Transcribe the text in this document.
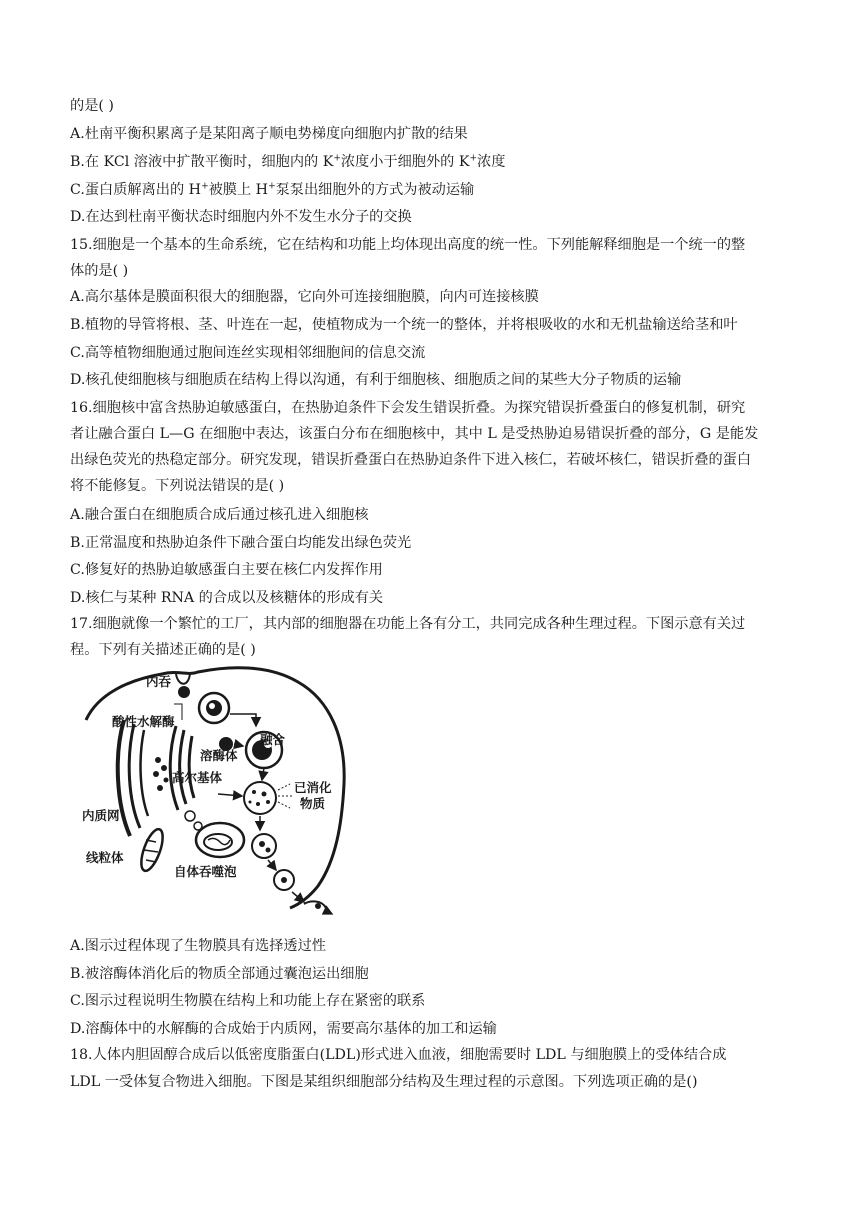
的是( )
A.杜南平衡积累离子是某阳离子顺电势梯度向细胞内扩散的结果
B.在 KCl 溶液中扩散平衡时，细胞内的 K+浓度小于细胞外的 K+浓度
C.蛋白质解离出的 H+被膜上 H+泵泵出细胞外的方式为被动运输
D.在达到杜南平衡状态时细胞内外不发生水分子的交换
15.细胞是一个基本的生命系统，它在结构和功能上均体现出高度的统一性。下列能解释细胞是一个统一的整
体的是( )
A.高尔基体是膜面积很大的细胞器，它向外可连接细胞膜，向内可连接核膜
B.植物的导管将根、茎、叶连在一起，使植物成为一个统一的整体，并将根吸收的水和无机盐输送给茎和叶
C.高等植物细胞通过胞间连丝实现相邻细胞间的信息交流
D.核孔使细胞核与细胞质在结构上得以沟通，有利于细胞核、细胞质之间的某些大分子物质的运输
16.细胞核中富含热胁迫敏感蛋白，在热胁迫条件下会发生错误折叠。为探究错误折叠蛋白的修复机制，研究
者让融合蛋白 L—G 在细胞中表达，该蛋白分布在细胞核中，其中 L 是受热胁迫易错误折叠的部分，G 是能发
出绿色荧光的热稳定部分。研究发现，错误折叠蛋白在热胁迫条件下进入核仁，若破坏核仁，错误折叠的蛋白
将不能修复。下列说法错误的是( )
A.融合蛋白在细胞质合成后通过核孔进入细胞核
B.正常温度和热胁迫条件下融合蛋白均能发出绿色荧光
C.修复好的热胁迫敏感蛋白主要在核仁内发挥作用
D.核仁与某种 RNA 的合成以及核糖体的形成有关
17.细胞就像一个繁忙的工厂，其内部的细胞器在功能上各有分工，共同完成各种生理过程。下图示意有关过
程。下列有关描述正确的是( )
内吞
酸性水解酶
溶酶体
融合
高尔基体
已消化
物质
内质网
线粒体
自体吞噬泡
A.图示过程体现了生物膜具有选择透过性
B.被溶酶体消化后的物质全部通过囊泡运出细胞
C.图示过程说明生物膜在结构上和功能上存在紧密的联系
D.溶酶体中的水解酶的合成始于内质网，需要高尔基体的加工和运输
18.人体内胆固醇合成后以低密度脂蛋白(LDL)形式进入血液，细胞需要时 LDL 与细胞膜上的受体结合成
LDL 一受体复合物进入细胞。下图是某组织细胞部分结构及生理过程的示意图。下列选项正确的是()
